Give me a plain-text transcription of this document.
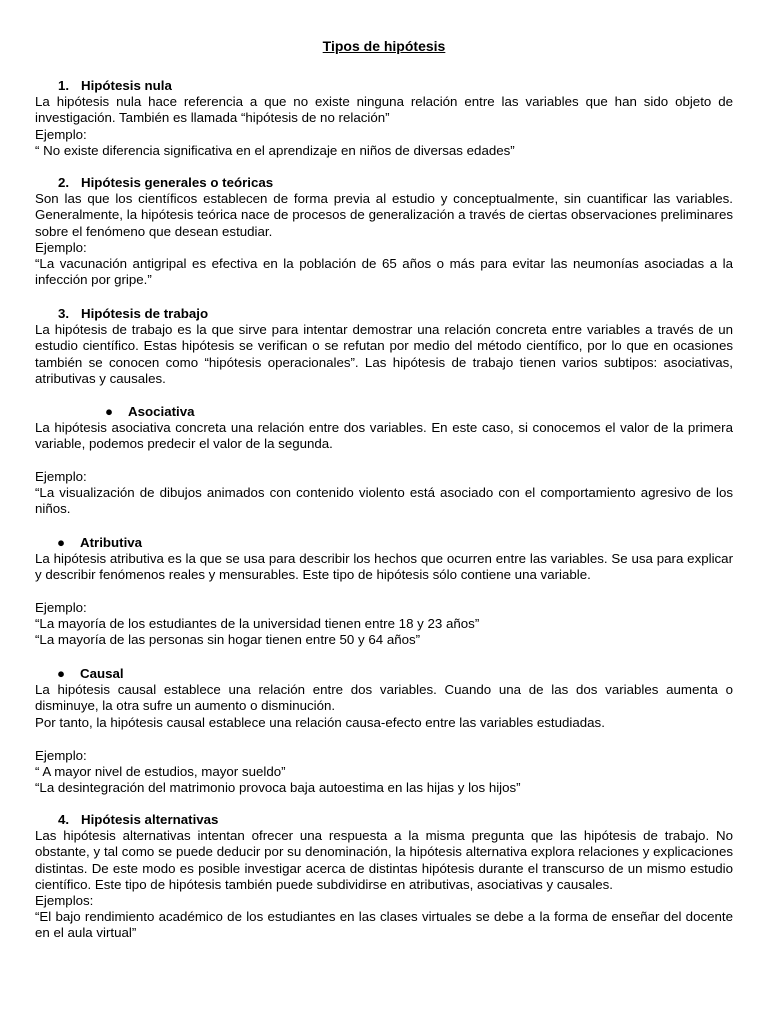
Tipos de hipótesis
1. Hipótesis nula

La hipótesis nula hace referencia a que no existe ninguna relación entre las variables que han sido objeto de investigación. También es llamada “hipótesis de no relación”

Ejemplo:

“ No existe diferencia significativa en el aprendizaje en niños de diversas edades”

2. Hipótesis generales o teóricas

Son las que los científicos establecen de forma previa al estudio y conceptualmente, sin cuantificar las variables. Generalmente, la hipótesis teórica nace de procesos de generalización a través de ciertas observaciones preliminares sobre el fenómeno que desean estudiar.

Ejemplo:

“La vacunación antigripal es efectiva en la población de 65 años o más para evitar las neumonías asociadas a la infección por gripe.”

3. Hipótesis de trabajo

La hipótesis de trabajo es la que sirve para intentar demostrar una relación concreta entre variables a través de un estudio científico. Estas hipótesis se verifican o se refutan por medio del método científico, por lo que en ocasiones también se conocen como “hipótesis operacionales”. Las hipótesis de trabajo tienen varios subtipos: asociativas, atributivas y causales.

● Asociativa

La hipótesis asociativa concreta una relación entre dos variables. En este caso, si conocemos el valor de la primera variable, podemos predecir el valor de la segunda.

Ejemplo:

“La visualización de dibujos animados con contenido violento está asociado con el comportamiento agresivo de los niños.

● Atributiva

La hipótesis atributiva es la que se usa para describir los hechos que ocurren entre las variables. Se usa para explicar y describir fenómenos reales y mensurables. Este tipo de hipótesis sólo contiene una variable.

Ejemplo:

“La mayoría de los estudiantes de la universidad tienen entre 18 y 23 años”

“La mayoría de las personas sin hogar tienen entre 50 y 64 años”

● Causal

La hipótesis causal establece una relación entre dos variables. Cuando una de las dos variables aumenta o disminuye, la otra sufre un aumento o disminución.

Por tanto, la hipótesis causal establece una relación causa-efecto entre las variables estudiadas.

Ejemplo:

“ A mayor nivel de estudios, mayor sueldo”

“La desintegración del matrimonio provoca baja autoestima en las hijas y los hijos”

4. Hipótesis alternativas

Las hipótesis alternativas intentan ofrecer una respuesta a la misma pregunta que las hipótesis de trabajo. No obstante, y tal como se puede deducir por su denominación, la hipótesis alternativa explora relaciones y explicaciones distintas. De este modo es posible investigar acerca de distintas hipótesis durante el transcurso de un mismo estudio científico. Este tipo de hipótesis también puede subdividirse en atributivas, asociativas y causales.

Ejemplos:

“El bajo rendimiento académico de los estudiantes en las clases virtuales se debe a la forma de enseñar del docente en el aula virtual”
